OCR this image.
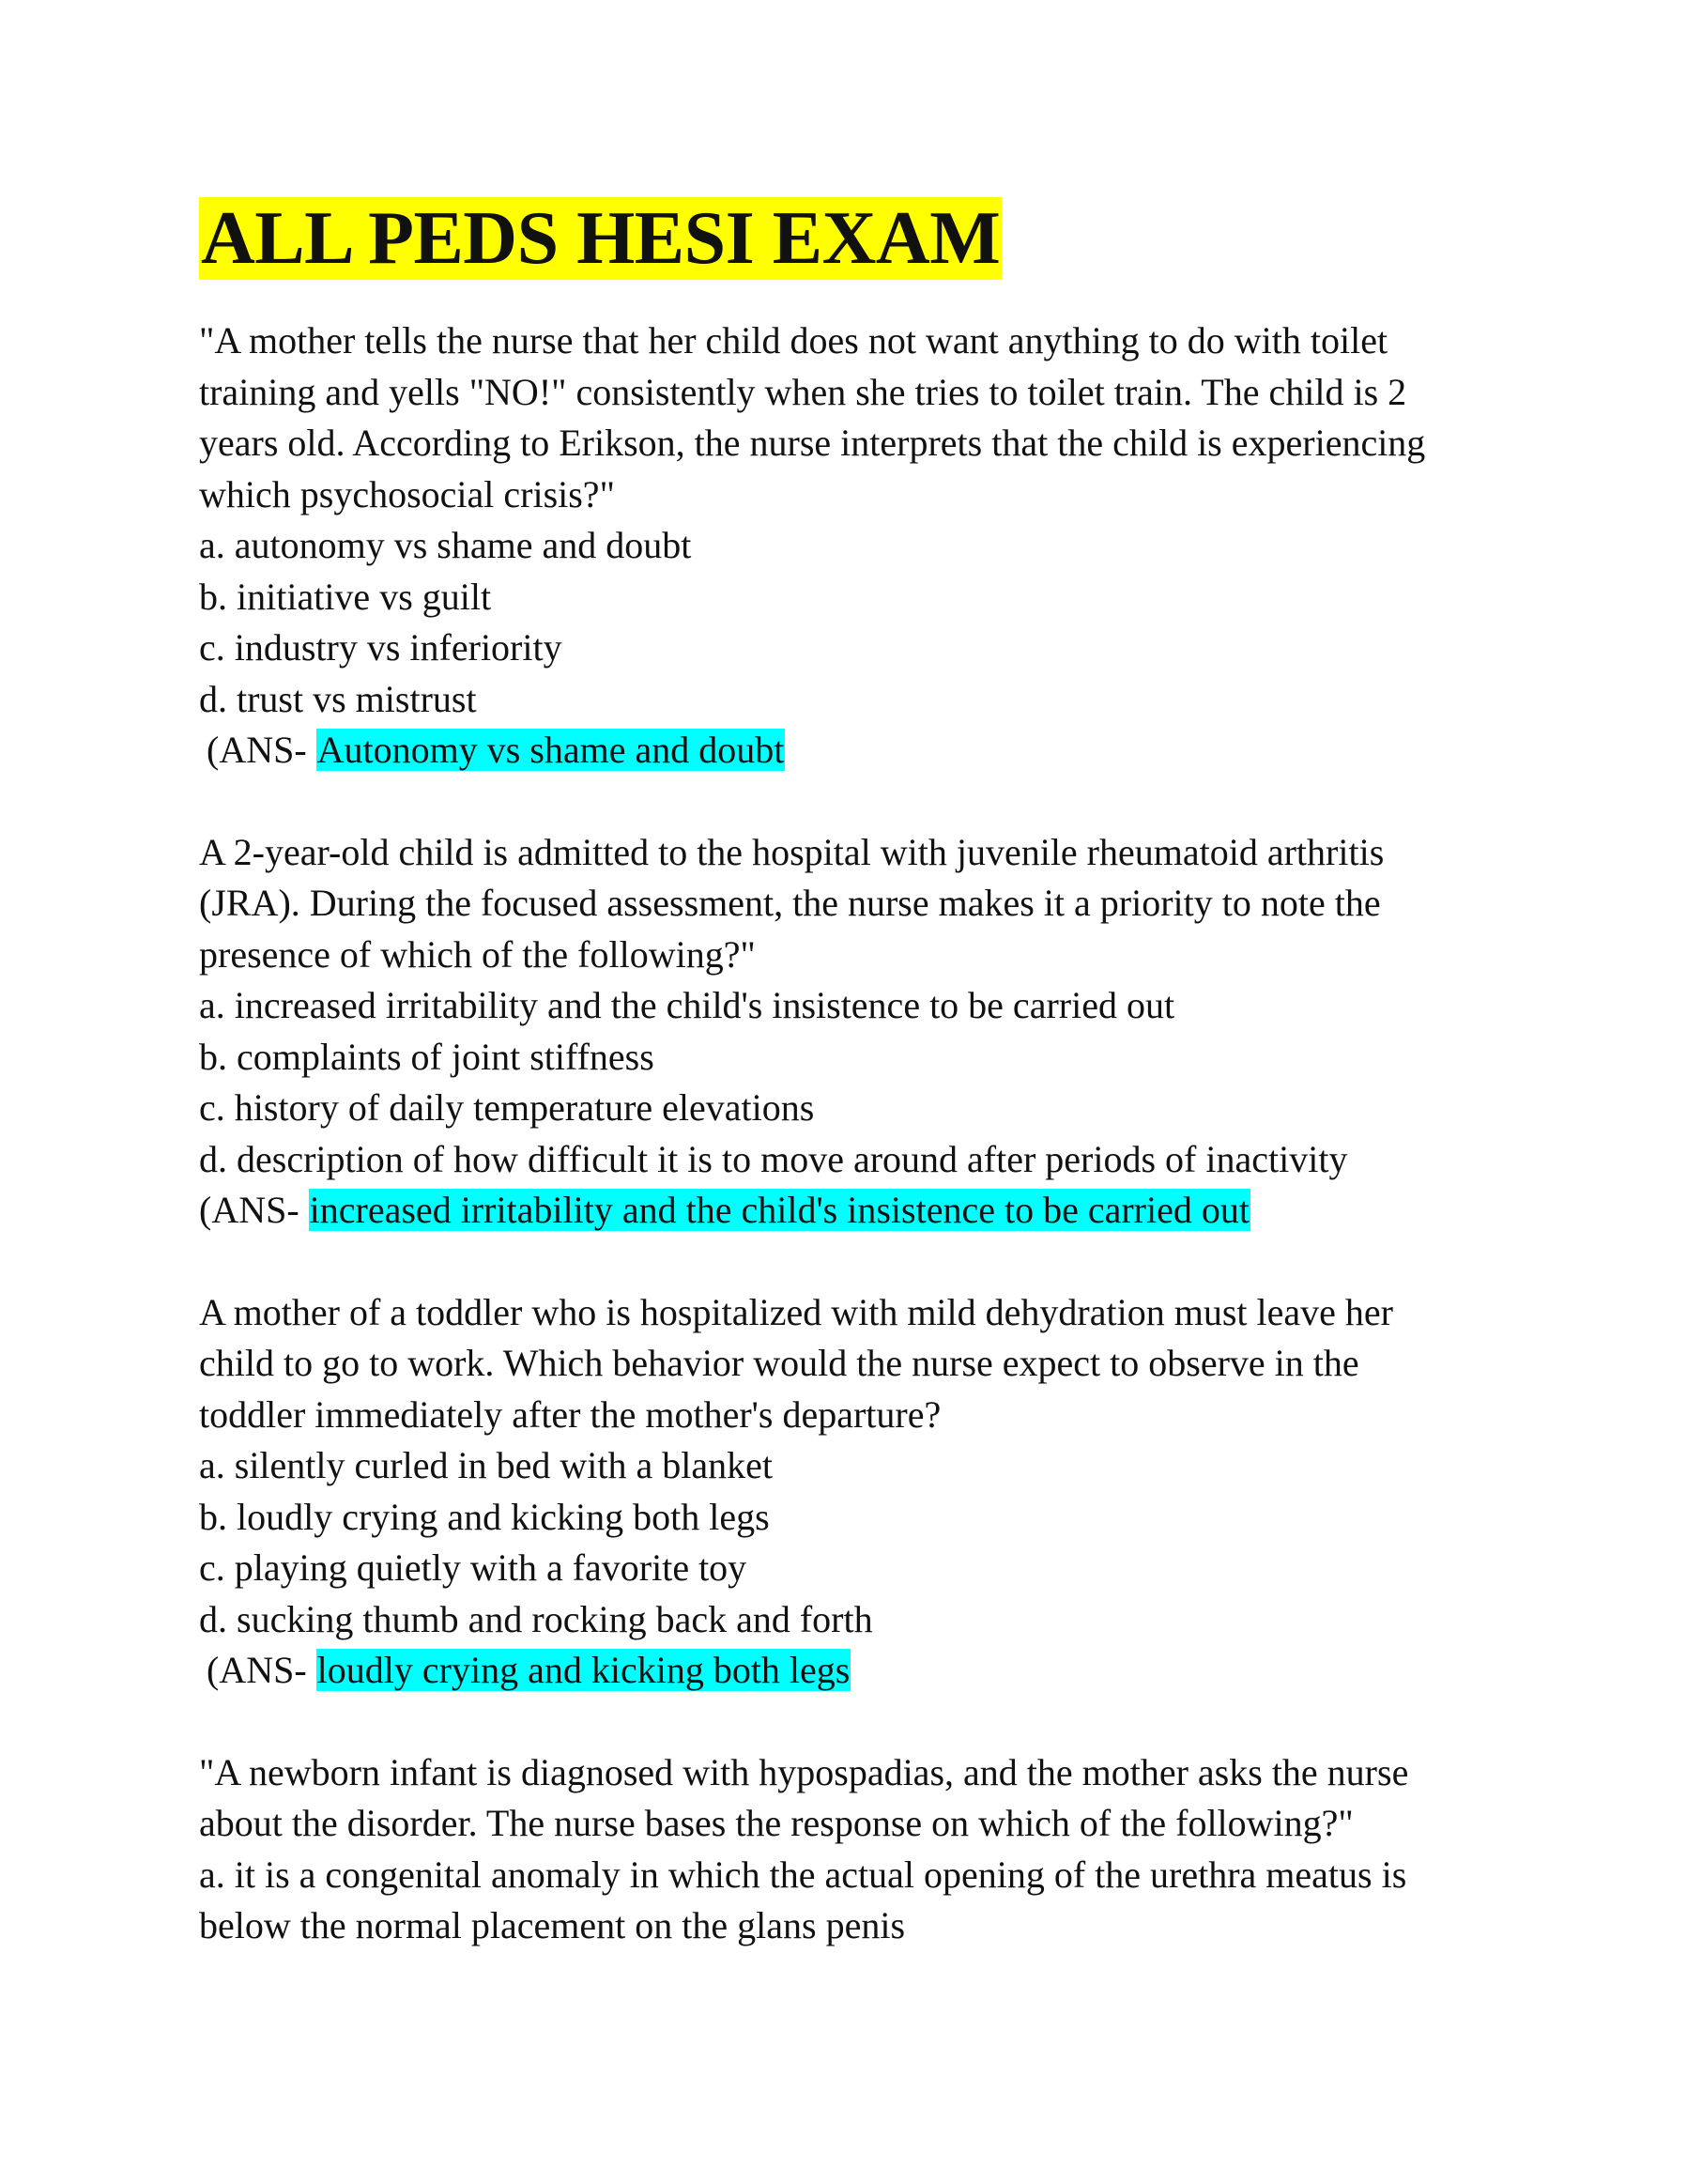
ALL PEDS HESI EXAM
"A mother tells the nurse that her child does not want anything to do with toilet
training and yells "NO!" consistently when she tries to toilet train. The child is 2
years old. According to Erikson, the nurse interprets that the child is experiencing
which psychosocial crisis?"
a. autonomy vs shame and doubt
b. initiative vs guilt
c. industry vs inferiority
d. trust vs mistrust
(ANS- Autonomy vs shame and doubt
A 2-year-old child is admitted to the hospital with juvenile rheumatoid arthritis
(JRA). During the focused assessment, the nurse makes it a priority to note the
presence of which of the following?"
a. increased irritability and the child's insistence to be carried out
b. complaints of joint stiffness
c. history of daily temperature elevations
d. description of how difficult it is to move around after periods of inactivity
(ANS- increased irritability and the child's insistence to be carried out
A mother of a toddler who is hospitalized with mild dehydration must leave her
child to go to work. Which behavior would the nurse expect to observe in the
toddler immediately after the mother's departure?
a. silently curled in bed with a blanket
b. loudly crying and kicking both legs
c. playing quietly with a favorite toy
d. sucking thumb and rocking back and forth
(ANS- loudly crying and kicking both legs
"A newborn infant is diagnosed with hypospadias, and the mother asks the nurse
about the disorder. The nurse bases the response on which of the following?"
a. it is a congenital anomaly in which the actual opening of the urethra meatus is
below the normal placement on the glans penis
